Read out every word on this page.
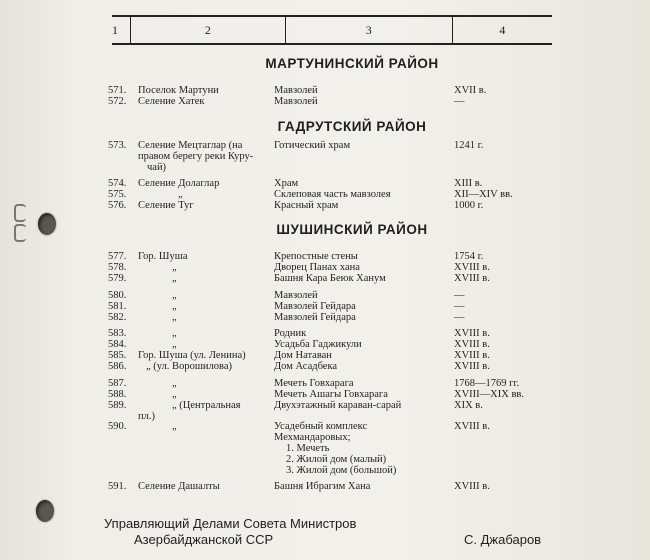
1	2	3	4
МАРТУНИНСКИЙ РАЙОН
ГАДРУТСКИЙ РАЙОН
ШУШИНСКИЙ РАЙОН
571.	Поселок Мартуни	Мавзолей	XVII в.
572.	Селение Хатек	Мавзолей	—
573.	Селение Мецтаглар (на	Готический храм	1241 г.
правом берегу реки Куру-
чай)
574.	Селение Долаглар	Храм	XIII в.
575.	„	Склеповая часть мавзолея	XII—XIV вв.
576.	Селение Туг	Красный храм	1000 г.
577.	Гор. Шуша	Крепостные стены	1754 г.
578.	„	Дворец Панах хана	XVIII в.
579.	„	Башня Кара Беюк Ханум	XVIII в.
580.	„	Мавзолей	—
581.	„	Мавзолей Гейдара	—
582.	„	Мавзолей Гейдара	—
583.	„	Родник	XVIII в.
584.	„	Усадьба Гаджикули	XVIII в.
585.	Гор. Шуша (ул. Ленина)	Дом Натаван	XVIII в.
586.	„ (ул. Ворошилова)	Дом Асадбека	XVIII в.
587.	„	Мечеть Говхарага	1768—1769 гг.
588.	„	Мечеть Ашагы Говхарага	XVIII—XIX вв.
589.	„ (Центральная	Двухэтажный караван-сарай	XIX в.
пл.)
590.	„	Усадебный комплекс	XVIII в.
Мехмандаровых;
1. Мечеть
2. Жилой дом (малый)
3. Жилой дом (большой)
591.	Селение Дашалты	Башня Ибрагим Хана	XVIII в.
Управляющий Делами Совета Министров
Азербайджанской ССР	С. Джабаров
